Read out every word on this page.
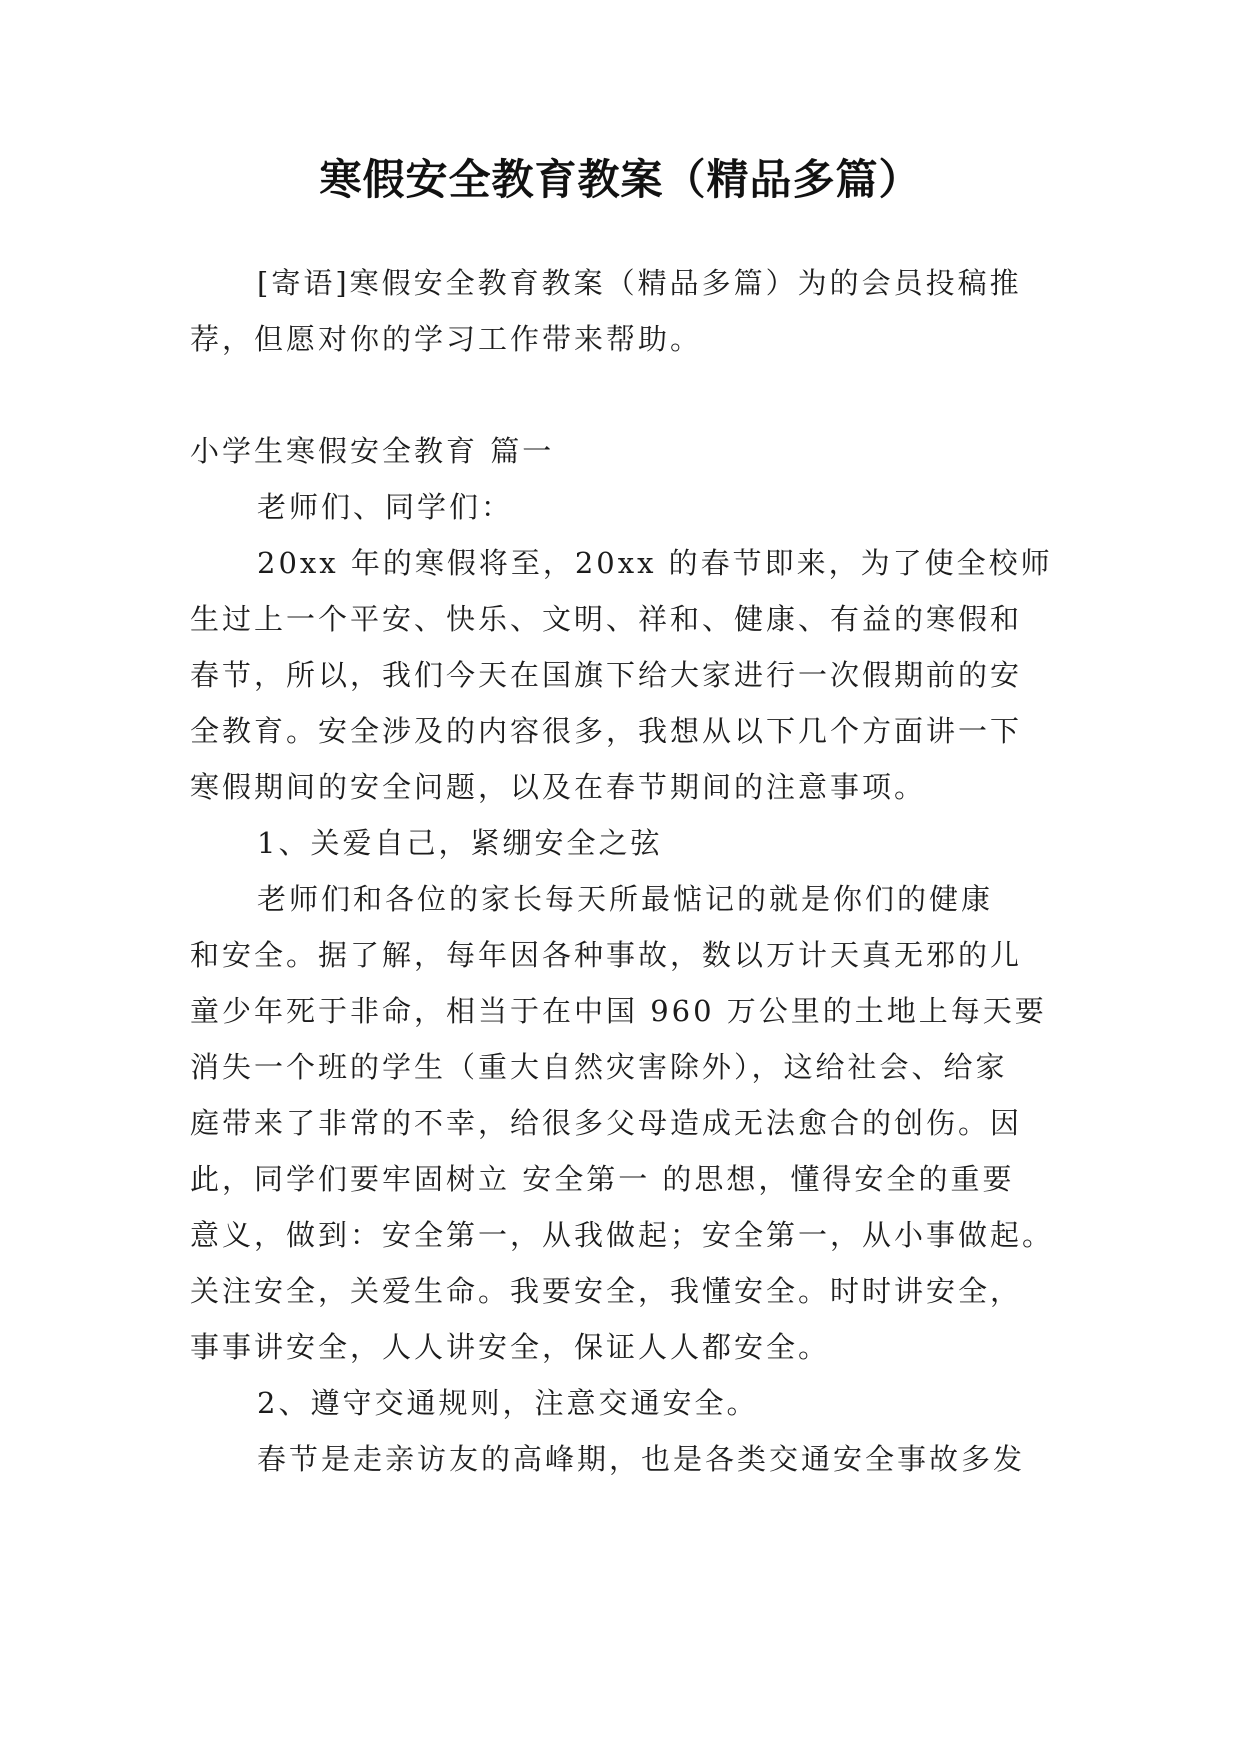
寒假安全教育教案（精品多篇）
[寄语]寒假安全教育教案（精品多篇）为的会员投稿推
荐，但愿对你的学习工作带来帮助。
小学生寒假安全教育 篇一
老师们、同学们：
20xx 年的寒假将至，20xx 的春节即来，为了使全校师
生过上一个平安、快乐、文明、祥和、健康、有益的寒假和
春节，所以，我们今天在国旗下给大家进行一次假期前的安
全教育。安全涉及的内容很多，我想从以下几个方面讲一下
寒假期间的安全问题，以及在春节期间的注意事项。
1、关爱自己，紧绷安全之弦
老师们和各位的家长每天所最惦记的就是你们的健康
和安全。据了解，每年因各种事故，数以万计天真无邪的儿
童少年死于非命，相当于在中国 960 万公里的土地上每天要
消失一个班的学生（重大自然灾害除外），这给社会、给家
庭带来了非常的不幸，给很多父母造成无法愈合的创伤。因
此，同学们要牢固树立 安全第一 的思想，懂得安全的重要
意义，做到：安全第一，从我做起；安全第一，从小事做起。
关注安全，关爱生命。我要安全，我懂安全。时时讲安全，
事事讲安全，人人讲安全，保证人人都安全。
2、遵守交通规则，注意交通安全。
春节是走亲访友的高峰期，也是各类交通安全事故多发
